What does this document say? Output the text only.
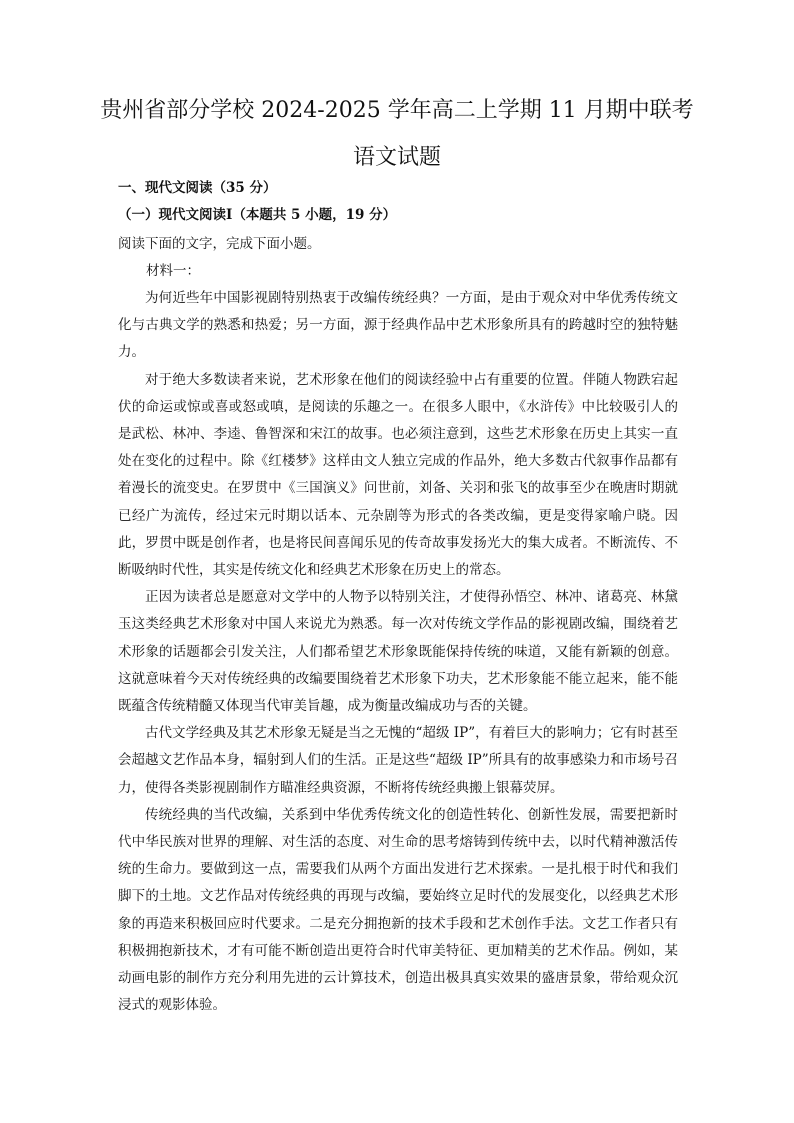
贵州省部分学校 2024-2025 学年高二上学期 11 月期中联考
语文试题
一、现代文阅读（35 分）
（一）现代文阅读Ⅰ（本题共 5 小题，19 分）
阅读下面的文字，完成下面小题。
材料一：

为何近些年中国影视剧特别热衷于改编传统经典？一方面，是由于观众对中华优秀传统文化与古典文学的熟悉和热爱；另一方面，源于经典作品中艺术形象所具有的跨越时空的独特魅力。

对于绝大多数读者来说，艺术形象在他们的阅读经验中占有重要的位置。伴随人物跌宕起伏的命运或惊或喜或怒或嗔，是阅读的乐趣之一。在很多人眼中，《水浒传》中比较吸引人的是武松、林冲、李逵、鲁智深和宋江的故事。也必须注意到，这些艺术形象在历史上其实一直处在变化的过程中。除《红楼梦》这样由文人独立完成的作品外，绝大多数古代叙事作品都有着漫长的流变史。在罗贯中《三国演义》问世前，刘备、关羽和张飞的故事至少在晚唐时期就已经广为流传，经过宋元时期以话本、元杂剧等为形式的各类改编，更是变得家喻户晓。因此，罗贯中既是创作者，也是将民间喜闻乐见的传奇故事发扬光大的集大成者。不断流传、不断吸纳时代性，其实是传统文化和经典艺术形象在历史上的常态。

正因为读者总是愿意对文学中的人物予以特别关注，才使得孙悟空、林冲、诸葛亮、林黛玉这类经典艺术形象对中国人来说尤为熟悉。每一次对传统文学作品的影视剧改编，围绕着艺术形象的话题都会引发关注，人们都希望艺术形象既能保持传统的味道，又能有新颖的创意。这就意味着今天对传统经典的改编要围绕着艺术形象下功夫，艺术形象能不能立起来，能不能既蕴含传统精髓又体现当代审美旨趣，成为衡量改编成功与否的关键。

古代文学经典及其艺术形象无疑是当之无愧的“超级 IP”，有着巨大的影响力；它有时甚至会超越文艺作品本身，辐射到人们的生活。正是这些“超级 IP”所具有的故事感染力和市场号召力，使得各类影视剧制作方瞄准经典资源，不断将传统经典搬上银幕荧屏。

传统经典的当代改编，关系到中华优秀传统文化的创造性转化、创新性发展，需要把新时代中华民族对世界的理解、对生活的态度、对生命的思考熔铸到传统中去，以时代精神激活传统的生命力。要做到这一点，需要我们从两个方面出发进行艺术探索。一是扎根于时代和我们脚下的土地。文艺作品对传统经典的再现与改编，要始终立足时代的发展变化，以经典艺术形象的再造来积极回应时代要求。二是充分拥抱新的技术手段和艺术创作手法。文艺工作者只有积极拥抱新技术，才有可能不断创造出更符合时代审美特征、更加精美的艺术作品。例如，某动画电影的制作方充分利用先进的云计算技术，创造出极具真实效果的盛唐景象，带给观众沉浸式的观影体验。
